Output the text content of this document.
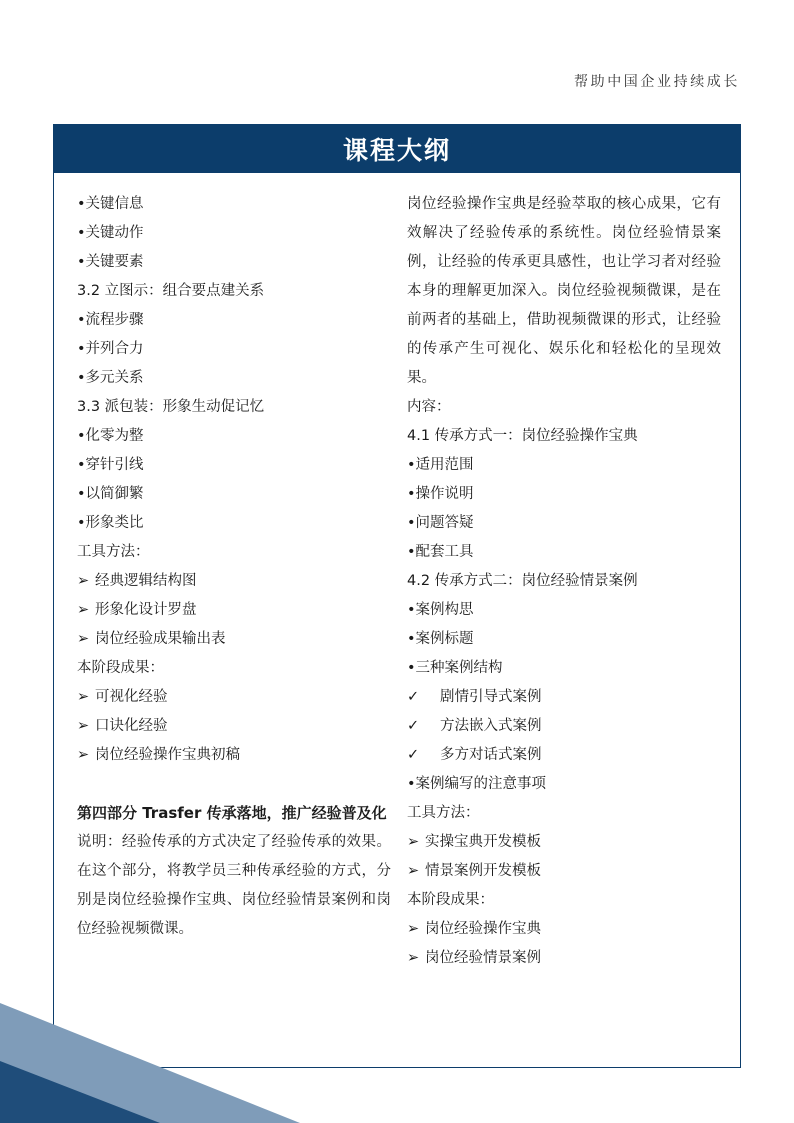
帮助中国企业持续成长
课程大纲
•关键信息
•关键动作
•关键要素
3.2 立图示：组合要点建关系
•流程步骤
•并列合力
•多元关系
3.3 派包装：形象生动促记忆
•化零为整
•穿针引线
•以简御繁
•形象类比
工具方法：
➢ 经典逻辑结构图
➢ 形象化设计罗盘
➢ 岗位经验成果输出表
本阶段成果：
➢ 可视化经验
➢ 口诀化经验
➢ 岗位经验操作宝典初稿
第四部分 Trasfer 传承落地，推广经验普及化
说明：经验传承的方式决定了经验传承的效果。在这个部分，将教学员三种传承经验的方式，分别是岗位经验操作宝典、岗位经验情景案例和岗位经验视频微课。
岗位经验操作宝典是经验萃取的核心成果，它有效解决了经验传承的系统性。岗位经验情景案例，让经验的传承更具感性，也让学习者对经验本身的理解更加深入。岗位经验视频微课，是在前两者的基础上，借助视频微课的形式，让经验的传承产生可视化、娱乐化和轻松化的呈现效果。
内容：
4.1 传承方式一：岗位经验操作宝典
•适用范围
•操作说明
•问题答疑
•配套工具
4.2 传承方式二：岗位经验情景案例
•案例构思
•案例标题
•三种案例结构
✓ 剧情引导式案例
✓ 方法嵌入式案例
✓ 多方对话式案例
•案例编写的注意事项
工具方法：
➢ 实操宝典开发模板
➢ 情景案例开发模板
本阶段成果：
➢ 岗位经验操作宝典
➢ 岗位经验情景案例
